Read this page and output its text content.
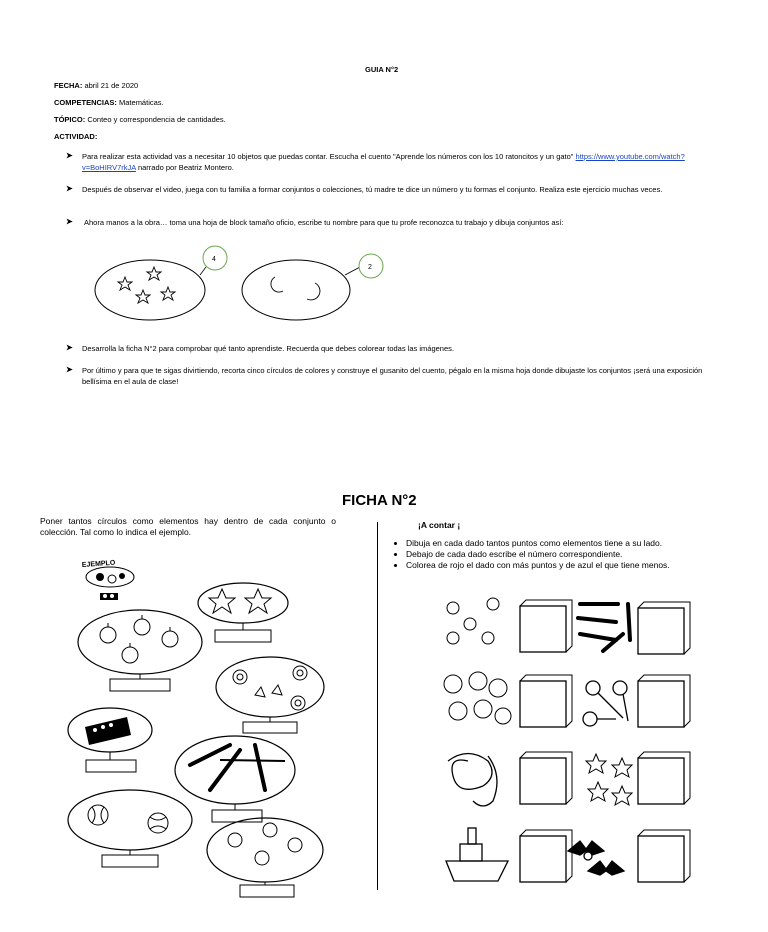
GUIA N°2
FECHA: abril 21 de 2020
COMPETENCIAS: Matemáticas.
TÓPICO: Conteo y correspondencia de cantidades.
ACTIVIDAD:
➤ Para realizar esta actividad vas a necesitar 10 objetos que puedas contar. Escucha el cuento "Aprende los números con los 10 ratoncitos y un gato" https://www.youtube.com/watch?v=BoHIRV7rkJA narrado por Beatriz Montero.
➤ Después de observar el video, juega con tu familia a formar conjuntos o colecciones, tú madre te dice un número y tu formas el conjunto. Realiza este ejercicio muchas veces.
➤ Ahora manos a la obra… toma una hoja de block tamaño oficio, escribe tu nombre para que tu profe reconozca tu trabajo y dibuja conjuntos así:
4
2
➤ Desarrolla la ficha N°2 para comprobar qué tanto aprendiste. Recuerda que debes colorear todas las imágenes.
➤ Por último y para que te sigas divirtiendo, recorta cinco círculos de colores y construye el gusanito del cuento, pégalo en la misma hoja donde dibujaste los conjuntos ¡será una exposición bellísima en el aula de clase!
FICHA N°2
Poner tantos círculos como elementos hay dentro de cada conjunto o colección. Tal como lo indica el ejemplo.
EJEMPLO
¡A contar ¡
• Dibuja en cada dado tantos puntos como elementos tiene a su lado.
• Debajo de cada dado escribe el número correspondiente.
• Colorea de rojo el dado con más puntos y de azul el que tiene menos.
